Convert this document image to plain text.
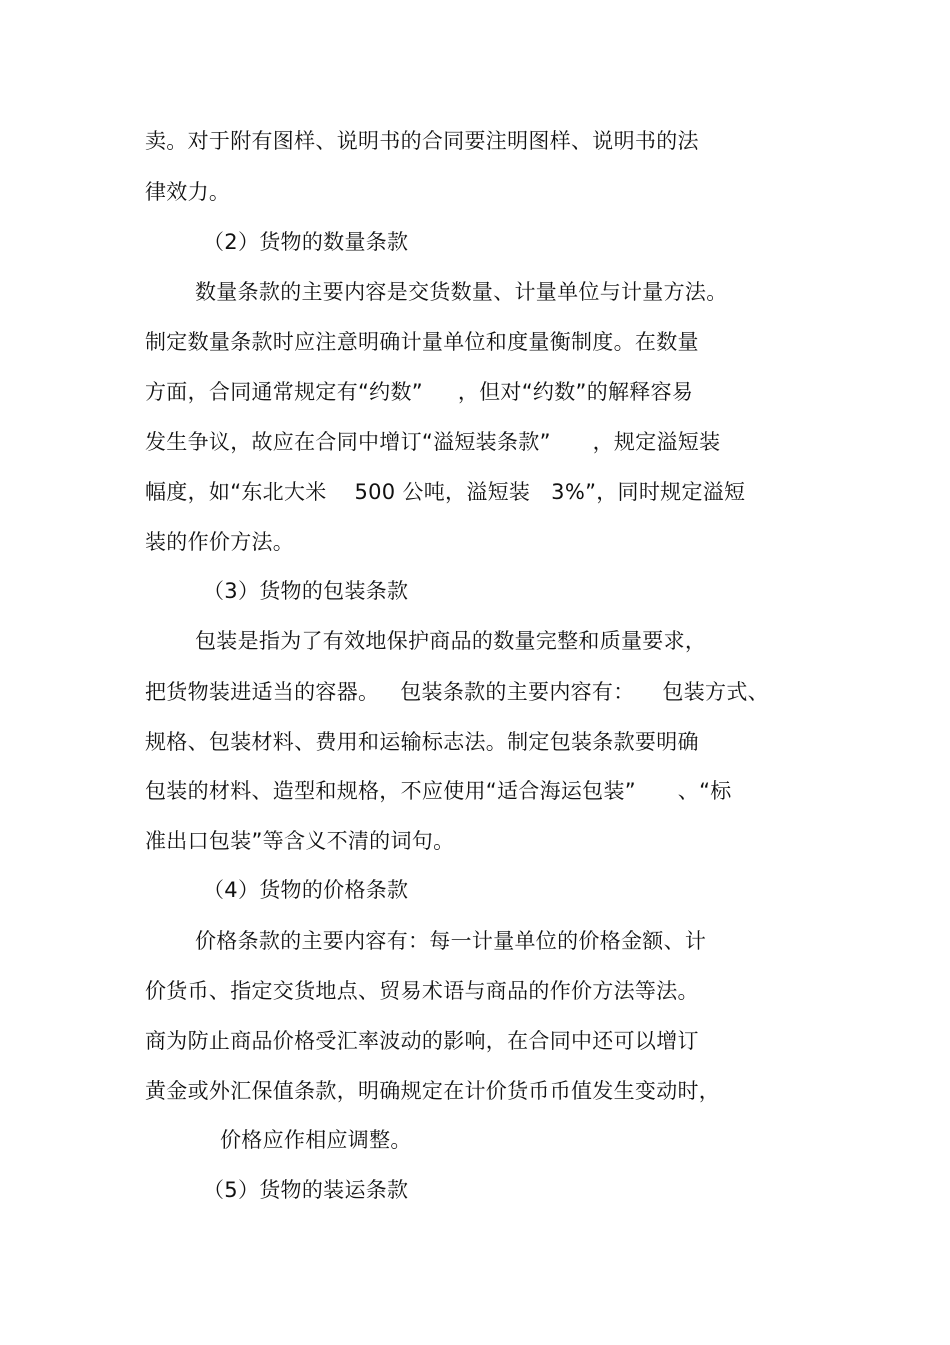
卖。对于附有图样、说明书的合同要注明图样、说明书的法
律效力。
（2）货物的数量条款
数量条款的主要内容是交货数量、计量单位与计量方法。
制定数量条款时应注意明确计量单位和度量衡制度。在数量
方面，合同通常规定有“约数”     ，但对“约数”的解释容易
发生争议，故应在合同中增订“溢短装条款”      ，规定溢短装
幅度，如“东北大米    500 公吨，溢短装   3%”，同时规定溢短
装的作价方法。
（3）货物的包装条款
包装是指为了有效地保护商品的数量完整和质量要求，
把货物装进适当的容器。   包装条款的主要内容有：    包装方式、
规格、包装材料、费用和运输标志法。制定包装条款要明确
包装的材料、造型和规格，不应使用“适合海运包装”      、“标
准出口包装”等含义不清的词句。
（4）货物的价格条款
价格条款的主要内容有：每一计量单位的价格金额、计
价货币、指定交货地点、贸易术语与商品的作价方法等法。
商为防止商品价格受汇率波动的影响，在合同中还可以增订
黄金或外汇保值条款，明确规定在计价货币币值发生变动时，
价格应作相应调整。
（5）货物的装运条款
